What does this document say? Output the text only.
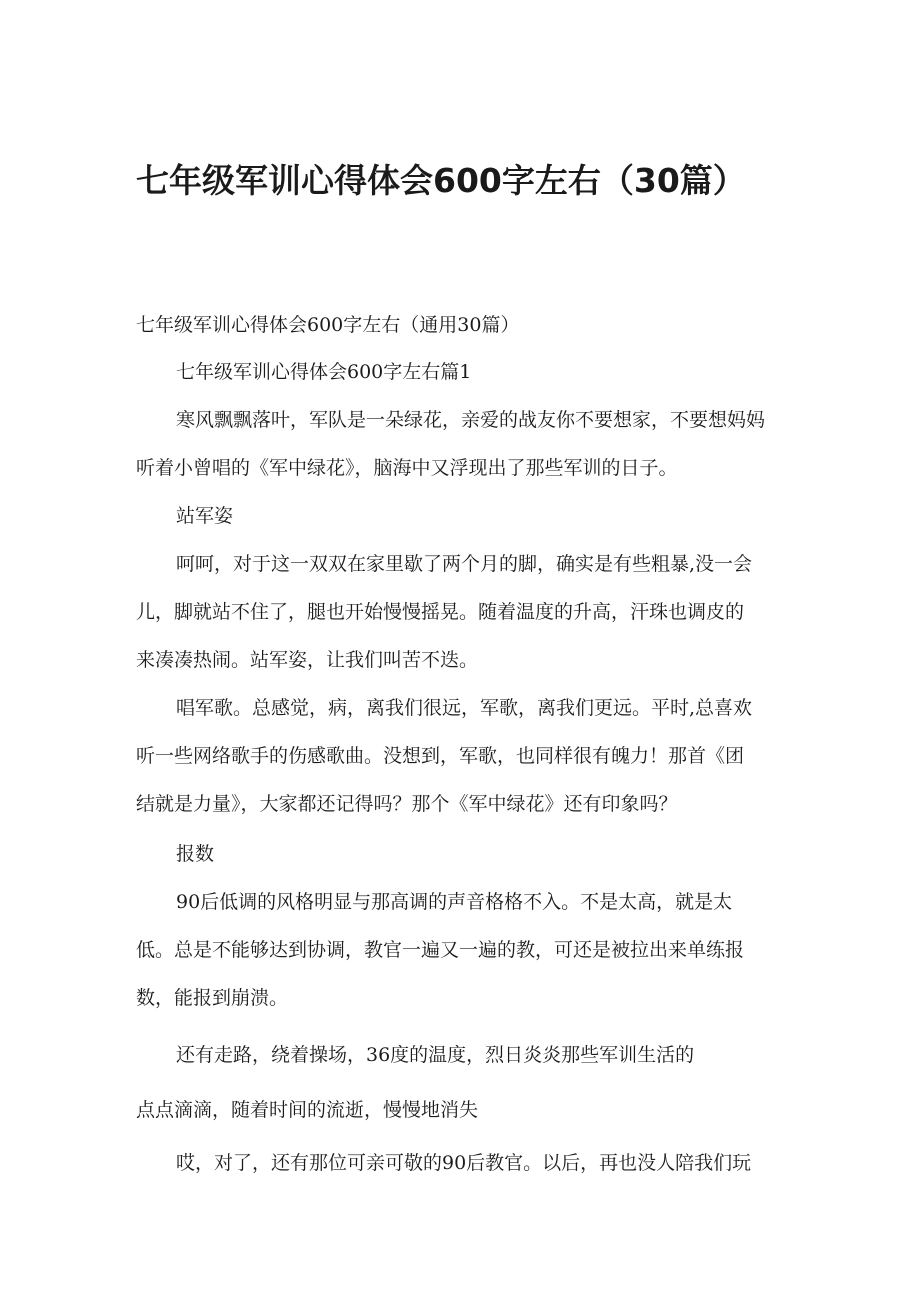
七年级军训心得体会600字左右（30篇）

七年级军训心得体会600字左右（通用30篇）

七年级军训心得体会600字左右篇1

寒风飘飘落叶，军队是一朵绿花，亲爱的战友你不要想家，不要想妈妈

听着小曾唱的《军中绿花》，脑海中又浮现出了那些军训的日子。

站军姿

呵呵，对于这一双双在家里歇了两个月的脚，确实是有些粗暴,没一会

儿，脚就站不住了，腿也开始慢慢摇晃。随着温度的升高，汗珠也调皮的

来凑凑热闹。站军姿，让我们叫苦不迭。

唱军歌。总感觉，病，离我们很远，军歌，离我们更远。平时,总喜欢

听一些网络歌手的伤感歌曲。没想到，军歌，也同样很有魄力！那首《团

结就是力量》，大家都还记得吗？那个《军中绿花》还有印象吗？

报数

90后低调的风格明显与那高调的声音格格不入。不是太高，就是太

低。总是不能够达到协调，教官一遍又一遍的教，可还是被拉出来单练报

数，能报到崩溃。

还有走路，绕着操场，36度的温度，烈日炎炎那些军训生活的

点点滴滴，随着时间的流逝，慢慢地消失

哎，对了，还有那位可亲可敬的90后教官。以后，再也没人陪我们玩
